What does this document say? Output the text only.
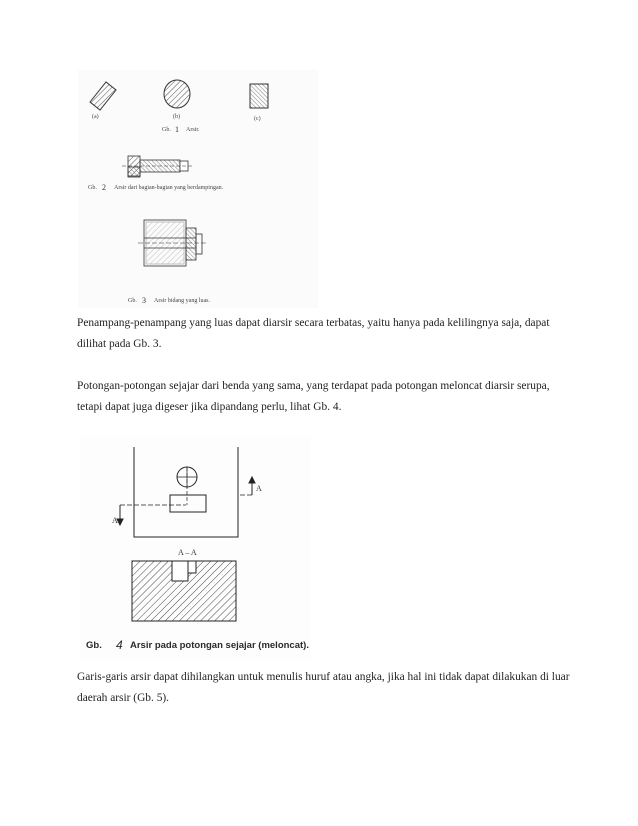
(a)	(b)	(c)
Gb. 1 Arsir.
Gb. 2 Arsir dari bagian-bagian yang berdampingan.
Gb. 3 Arsir bidang yang luas.

Penampang-penampang yang luas dapat diarsir secara terbatas, yaitu hanya pada kelilingnya saja, dapat dilihat pada Gb. 3.

Potongan-potongan sejajar dari benda yang sama, yang terdapat pada potongan meloncat diarsir serupa, tetapi dapat juga digeser jika dipandang perlu, lihat Gb. 4.

A
A
A – A
Gb. 4 Arsir pada potongan sejajar (meloncat).

Garis-garis arsir dapat dihilangkan untuk menulis huruf atau angka, jika hal ini tidak dapat dilakukan di luar daerah arsir (Gb. 5).
